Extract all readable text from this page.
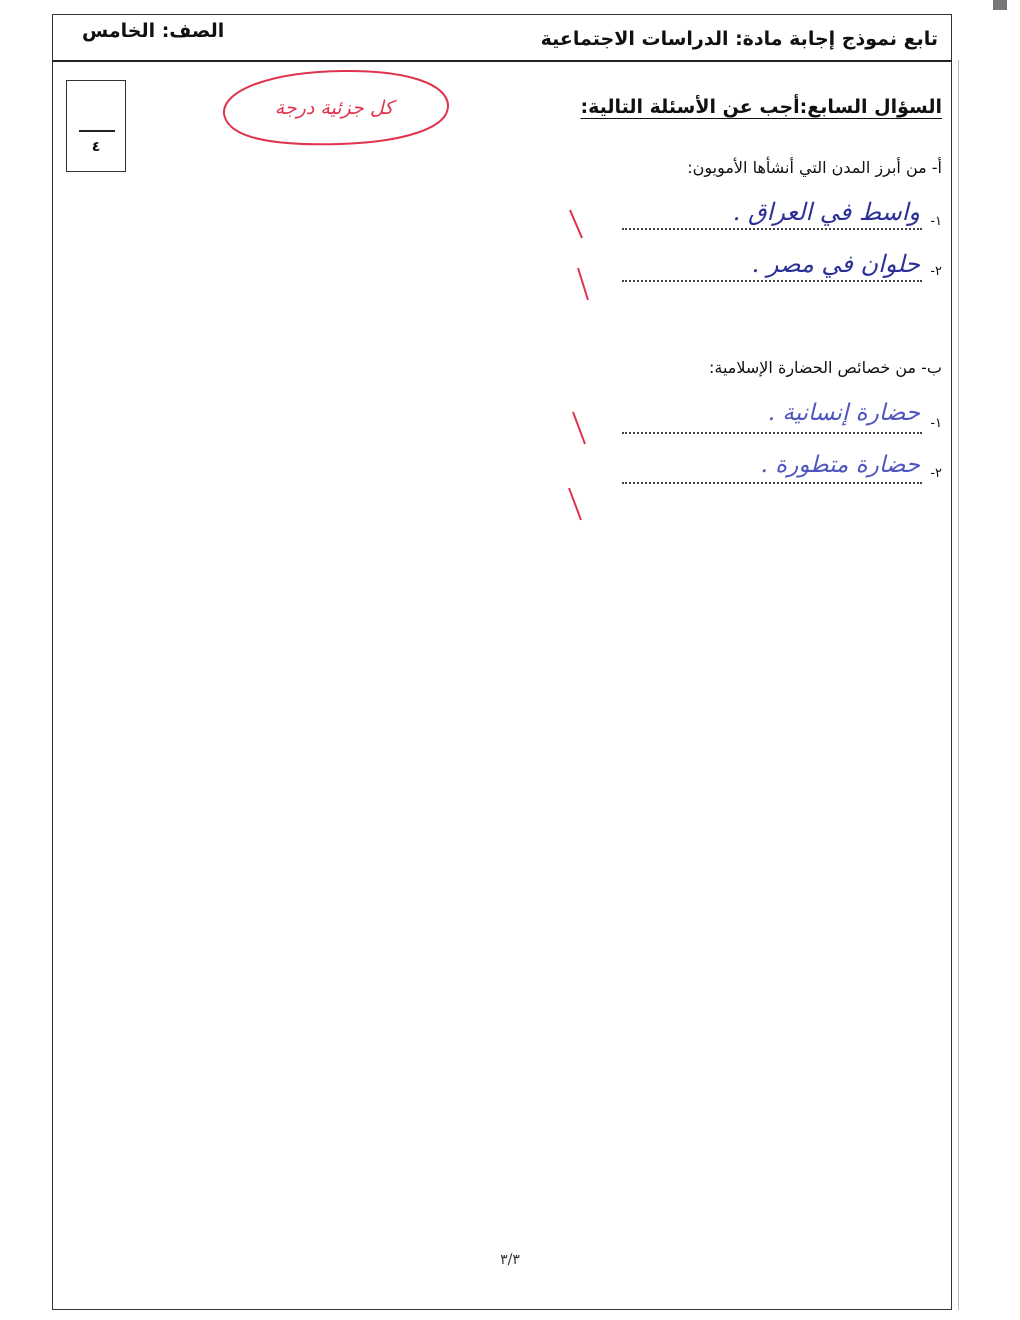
تابع نموذج إجابة مادة: الدراسات الاجتماعية
الصف: الخامس
٤
كل جزئية درجة	السؤال السابع:أجب عن الأسئلة التالية:
أ- من أبرز المدن التي أنشأها الأمويون:
١-
واسط في العراق .
٢-
حلوان في مصر .
ب- من خصائص الحضارة الإسلامية:
١-
حضارة إنسانية .
٢-
حضارة متطورة .
٣/٣
